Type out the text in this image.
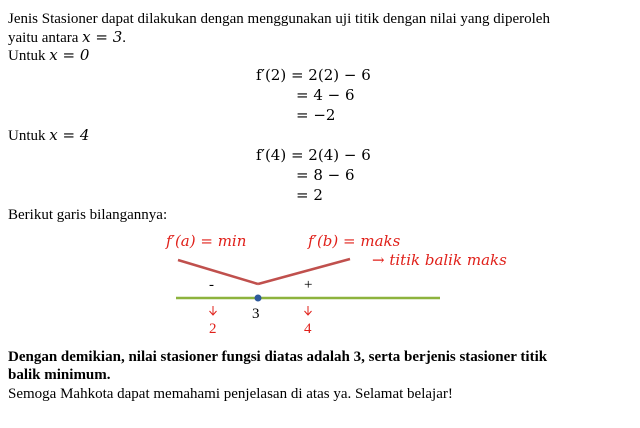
Jenis Stasioner dapat dilakukan dengan menggunakan uji titik dengan nilai yang diperoleh
yaitu antara x = 3.
Untuk x = 0
f′(2) = 2(2) − 6
= 4 − 6
= −2
Untuk x = 4
f′(4) = 2(4) − 6
= 8 − 6
= 2
Berikut garis bilangannya:
f′(a) = min	f′(b) = maks
→ titik balik maks
-	+
3
2	4
Dengan demikian, nilai stasioner fungsi diatas adalah 3, serta berjenis stasioner titik
balik minimum.
Semoga Mahkota dapat memahami penjelasan di atas ya. Selamat belajar!
